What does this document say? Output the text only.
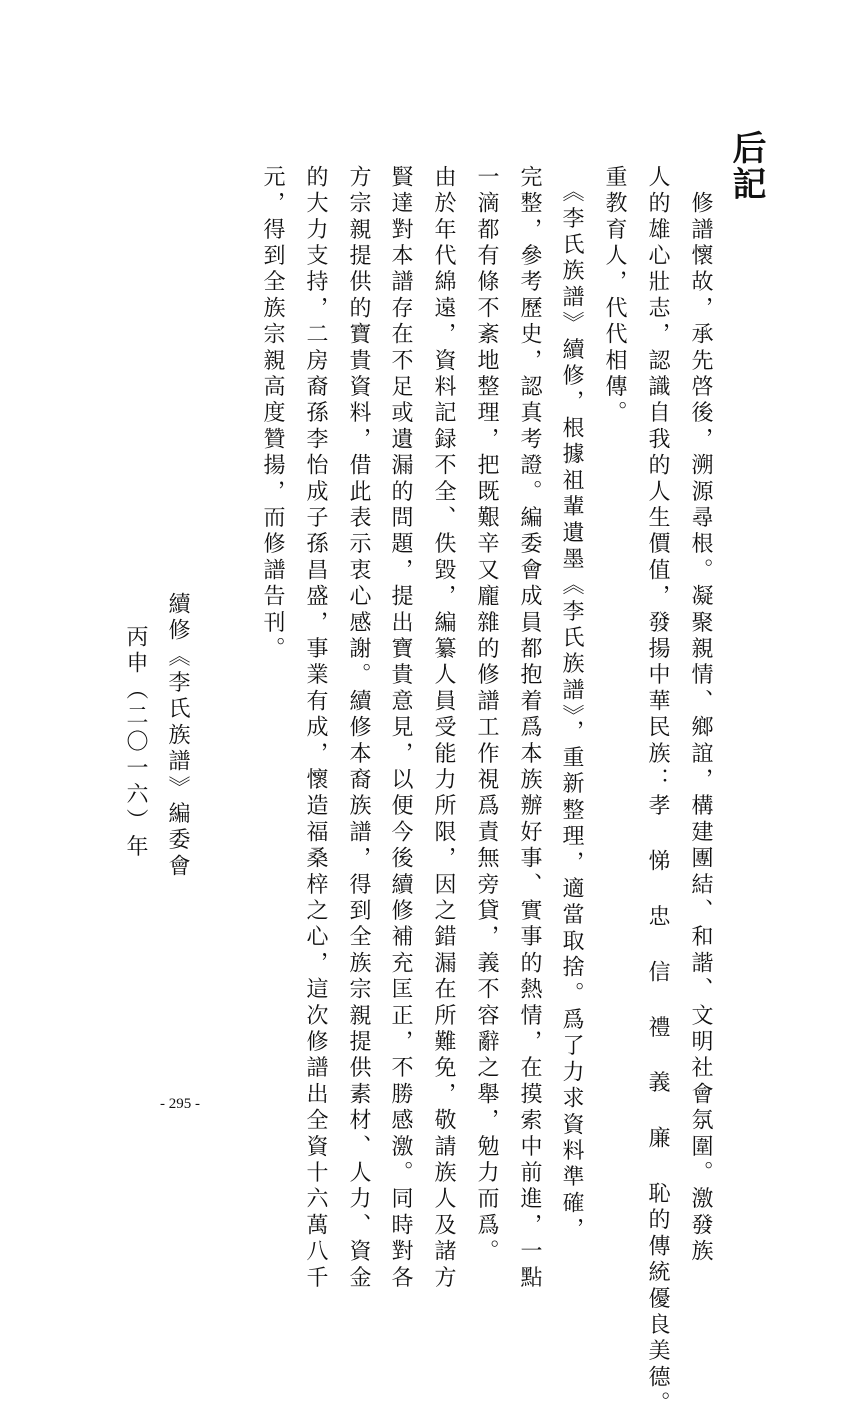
后記
　修譜懷故，承先啓後，溯源尋根。凝聚親情、鄉誼，構建團結、和諧、文明社會氛圍。激發族
人的雄心壯志，認識自我的人生價值，發揚中華民族：孝 悌 忠 信 禮 義 廉 恥的傳統優良美德。
重教育人，代代相傳。
　《李氏族譜》續修，根據祖輩遺墨《李氏族譜》，重新整理，適當取捨。爲了力求資料準確，
完整，參考歷史，認真考證。編委會成員都抱着爲本族辦好事、實事的熱情，在摸索中前進，一點
一滴都有條不紊地整理，把既艱辛又龐雜的修譜工作視爲責無旁貸，義不容辭之舉，勉力而爲。
由於年代綿遠，資料記録不全、佚毀，編纂人員受能力所限，因之錯漏在所難免，敬請族人及諸方
賢達對本譜存在不足或遺漏的問題，提出寶貴意見，以便今後續修補充匡正，不勝感激。同時對各
方宗親提供的寶貴資料，借此表示衷心感謝。續修本裔族譜，得到全族宗親提供素材、人力、資金
的大力支持，二房裔孫李怡成子孫昌盛，事業有成，懷造福桑梓之心，這次修譜出全資十六萬八千
元，得到全族宗親高度贊揚，而修譜告刊。
續修《李氏族譜》編委會
丙申（二〇一六）年
- 295 -
